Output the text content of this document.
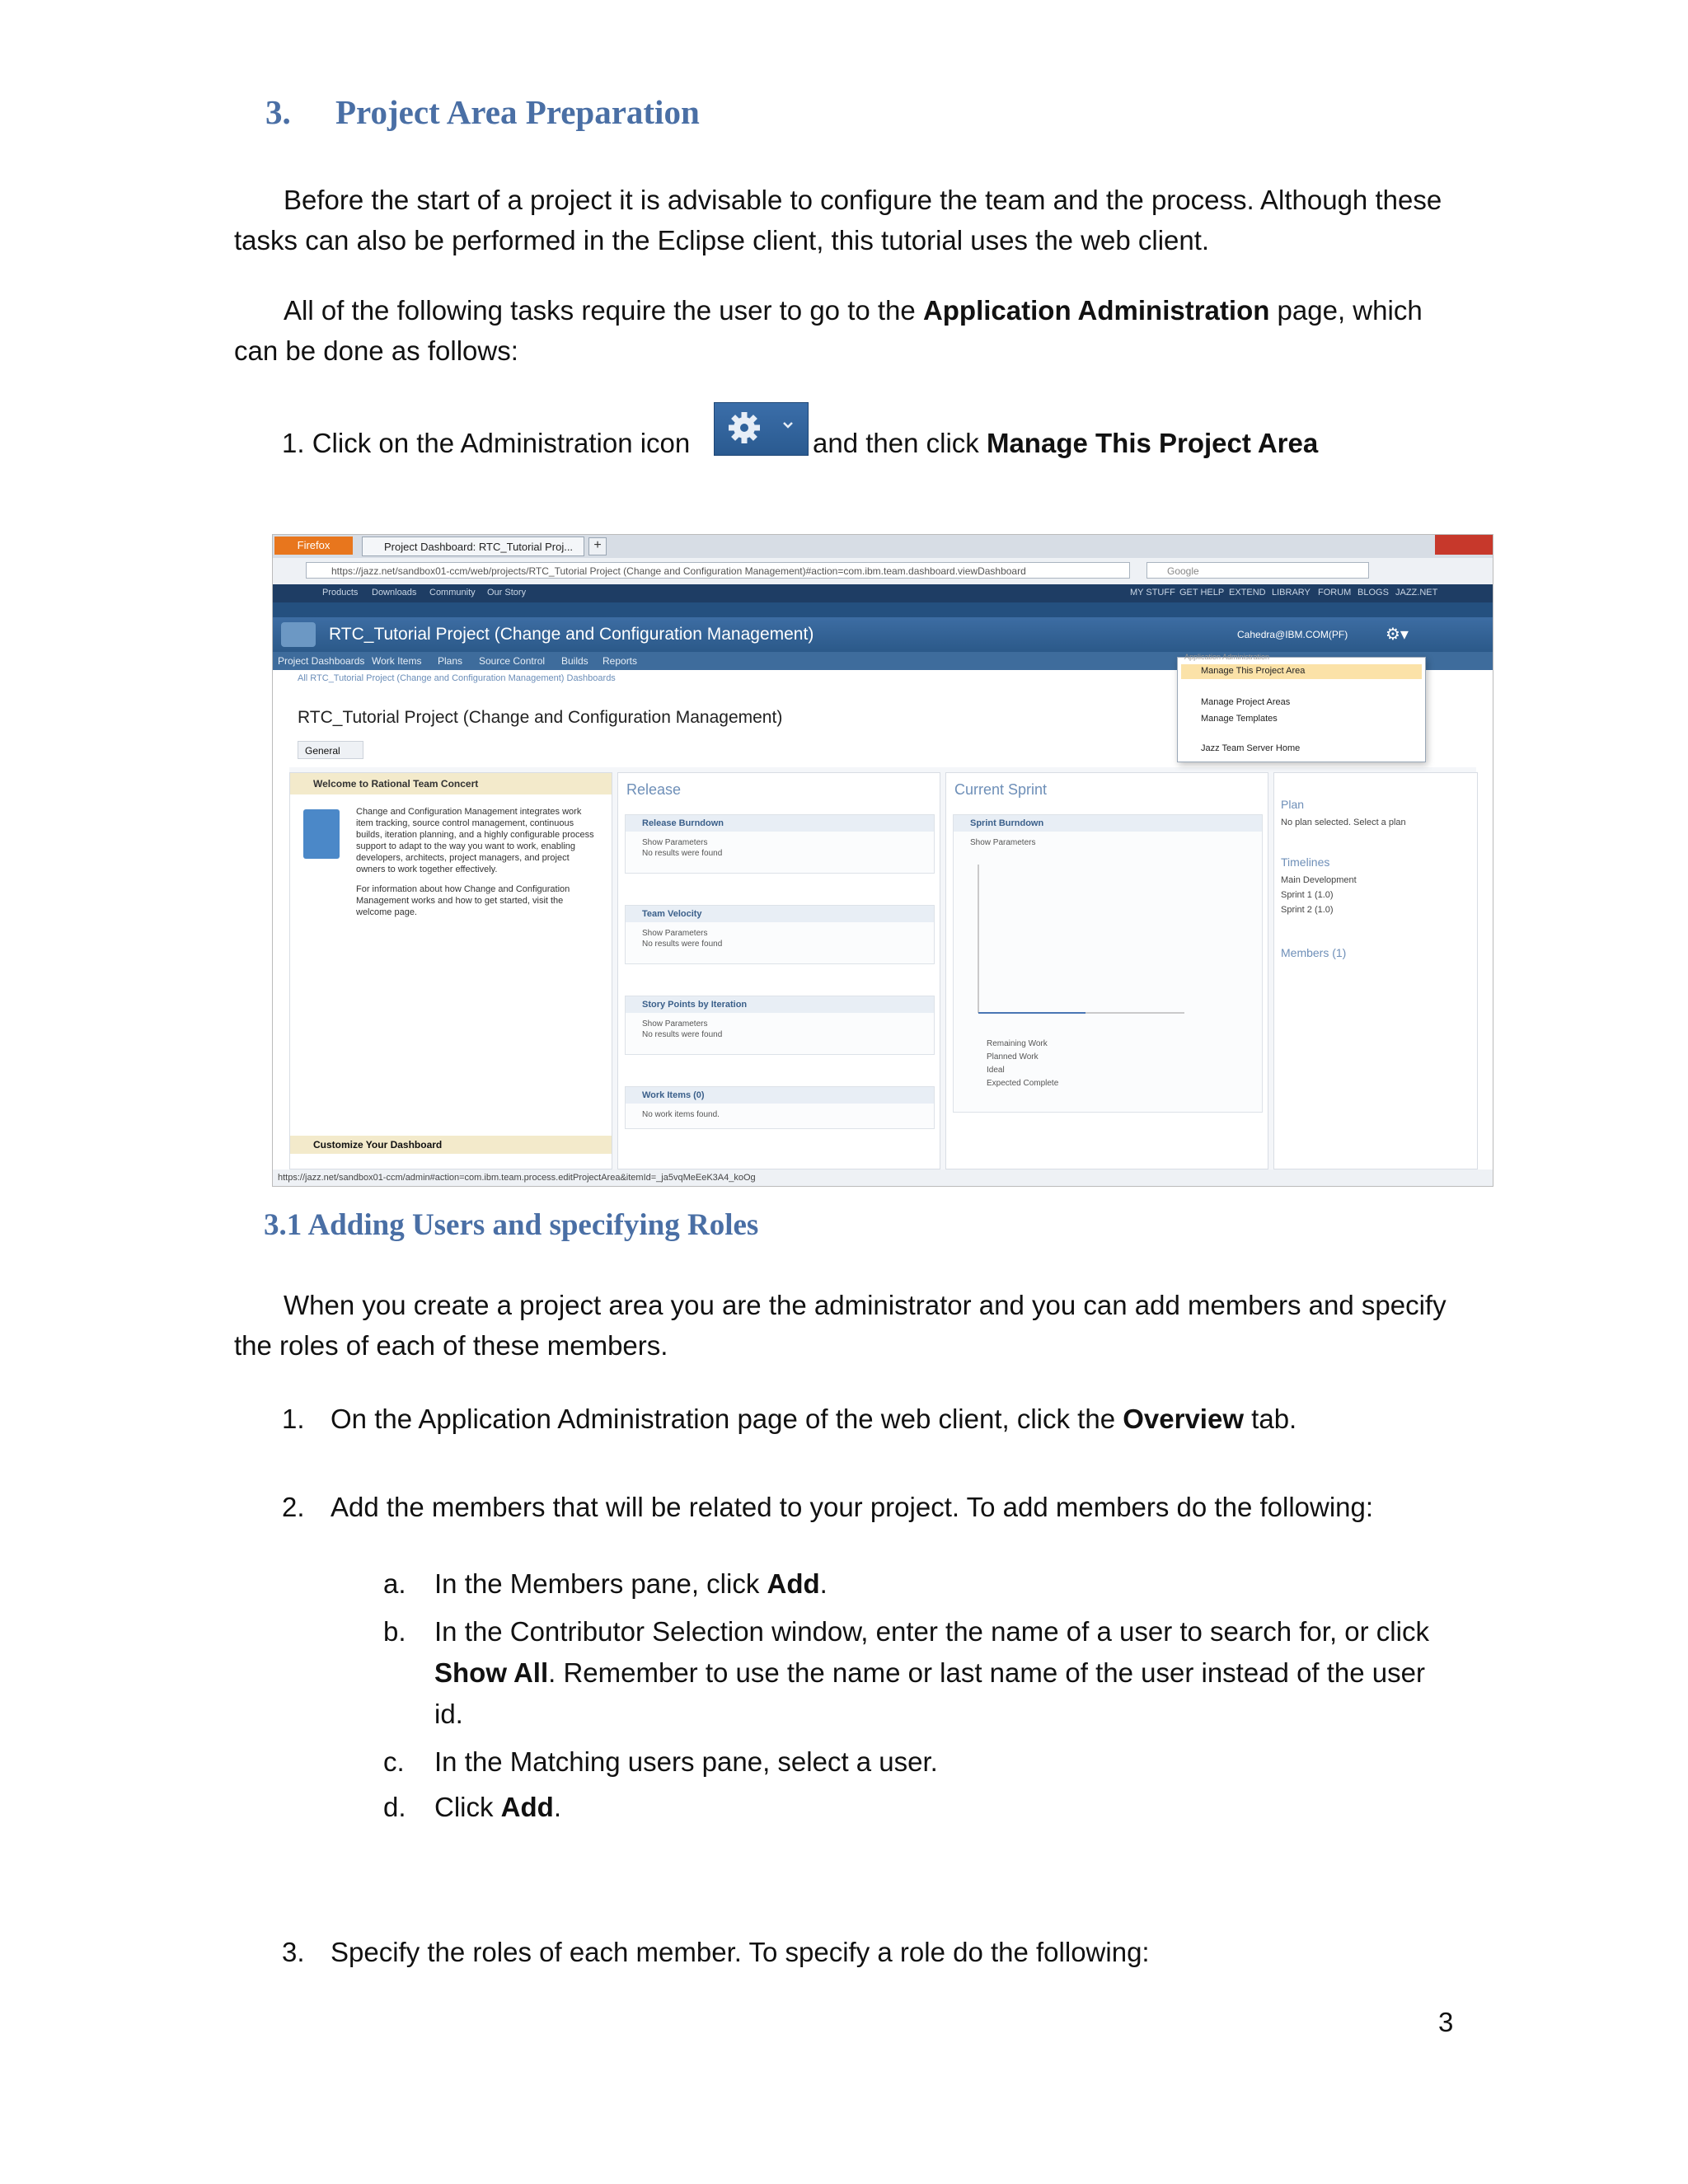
3. Project Area Preparation
Before the start of a project it is advisable to configure the team and the process. Although these tasks can also be performed in the Eclipse client, this tutorial uses the web client.
All of the following tasks require the user to go to the Application Administration page, which can be done as follows:
1. Click on the Administration icon	and then click Manage This Project Area
Firefox	Project Dashboard: RTC_Tutorial Proj...	+
https://jazz.net/sandbox01-ccm/web/projects/RTC_Tutorial Project (Change and Configuration Management)#action=com.ibm.team.dashboard.viewDashboard	Google
Products Downloads Community Our Story	MY STUFF GET HELP EXTEND LIBRARY FORUM BLOGS JAZZ.NET
RTC_Tutorial Project (Change and Configuration Management)	Cahedra@IBM.COM(PF) ⚙▾
Project Dashboards Work Items Plans Source Control Builds Reports
All RTC_Tutorial Project (Change and Configuration Management) Dashboards
RTC_Tutorial Project (Change and Configuration Management)
General
Welcome to Rational Team Concert
Change and Configuration Management integrates work item tracking, source control management, continuous builds, iteration planning, and a highly configurable process support to adapt to the way you want to work, enabling developers, architects, project managers, and project owners to work together effectively.
For information about how Change and Configuration Management works and how to get started, visit the welcome page.
Customize Your Dashboard
Release
Release Burndown
Show Parameters
No results were found
Team Velocity
Show Parameters
No results were found
Story Points by Iteration
Show Parameters
No results were found
Work Items (0)
No work items found.
Current Sprint
Sprint Burndown
Show Parameters
Remaining Work
Planned Work
Ideal
Expected Complete
Plan
No plan selected. Select a plan
Timelines
Main Development
Sprint 1 (1.0)
Sprint 2 (1.0)
Members (1)
Application Administration
Manage This Project Area
Manage Project Areas
Manage Templates
Jazz Team Server Home
https://jazz.net/sandbox01-ccm/admin#action=com.ibm.team.process.editProjectArea&itemId=_ja5vqMeEeK3A4_koOg
3.1 Adding Users and specifying Roles
When you create a project area you are the administrator and you can add members and specify the roles of each of these members.
1. On the Application Administration page of the web client, click the Overview tab.
2. Add the members that will be related to your project. To add members do the following:
a. In the Members pane, click Add.
b. In the Contributor Selection window, enter the name of a user to search for, or click Show All. Remember to use the name or last name of the user instead of the user id.
c. In the Matching users pane, select a user.
d. Click Add.
3. Specify the roles of each member. To specify a role do the following:
3
